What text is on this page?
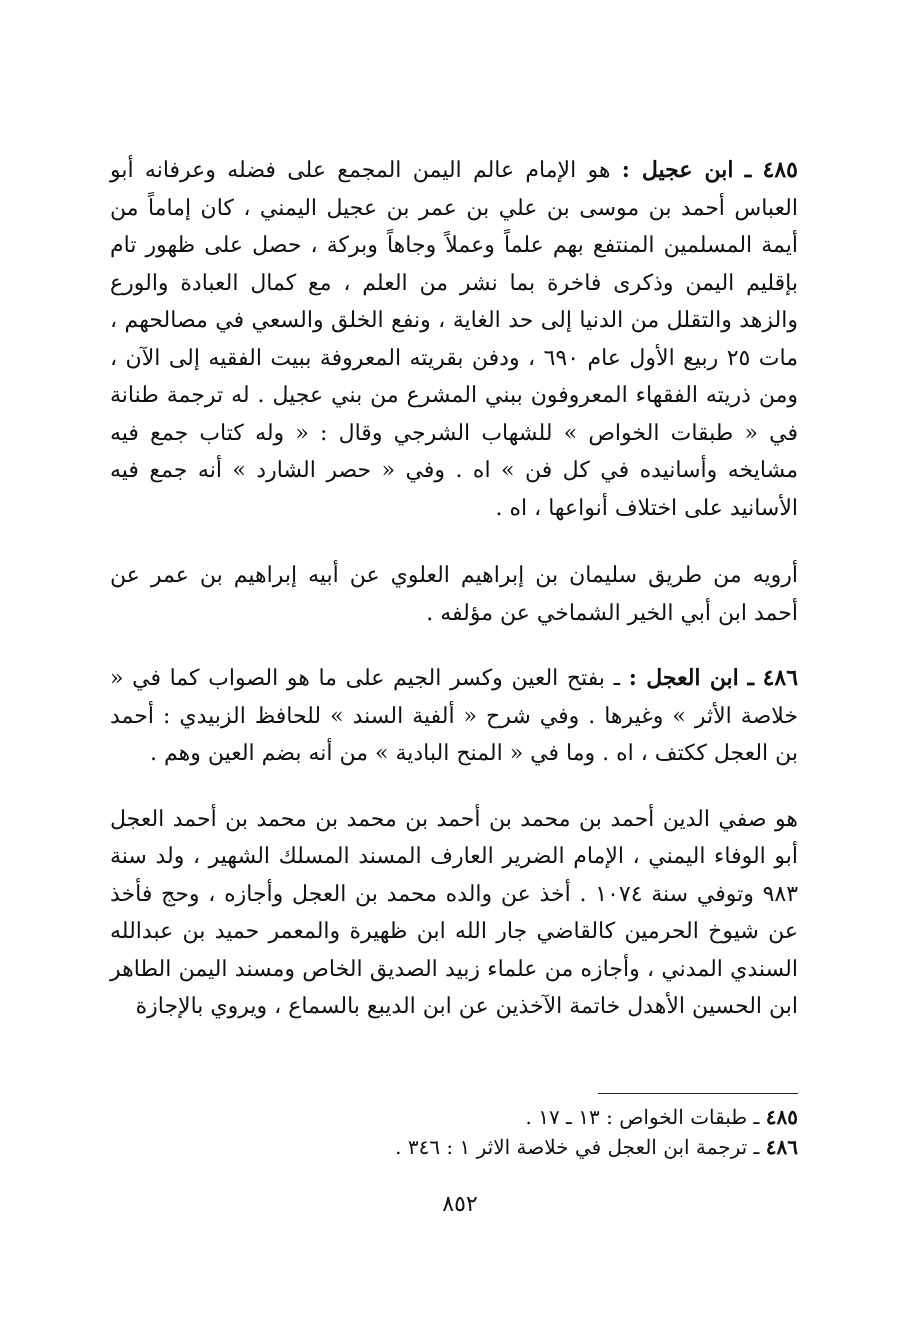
٤٨٥ ـ ابن عجيل : هو الإمام عالم اليمن المجمع على فضله وعرفانه أبو العباس أحمد بن موسى بن علي بن عمر بن عجيل اليمني ، كان إماماً من أيمة المسلمين المنتفع بهم علماً وعملاً وجاهاً وبركة ، حصل على ظهور تام بإقليم اليمن وذكرى فاخرة بما نشر من العلم ، مع كمال العبادة والورع والزهد والتقلل من الدنيا إلى حد الغاية ، ونفع الخلق والسعي في مصالحهم ، مات ٢٥ ربيع الأول عام ٦٩٠ ، ودفن بقريته المعروفة ببيت الفقيه إلى الآن ، ومن ذريته الفقهاء المعروفون ببني المشرع من بني عجيل . له ترجمة طنانة في « طبقات الخواص » للشهاب الشرجي وقال : « وله كتاب جمع فيه مشايخه وأسانيده في كل فن » اه . وفي « حصر الشارد » أنه جمع فيه الأسانيد على اختلاف أنواعها ، اه .

أرويه من طريق سليمان بن إبراهيم العلوي عن أبيه إبراهيم بن عمر عن أحمد ابن أبي الخير الشماخي عن مؤلفه .

٤٨٦ ـ ابن العجل : ـ بفتح العين وكسر الجيم على ما هو الصواب كما في « خلاصة الأثر » وغيرها . وفي شرح « ألفية السند » للحافظ الزبيدي : أحمد بن العجل ككتف ، اه . وما في « المنح البادية » من أنه بضم العين وهم .

هو صفي الدين أحمد بن محمد بن أحمد بن محمد بن محمد بن أحمد العجل أبو الوفاء اليمني ، الإمام الضرير العارف المسند المسلك الشهير ، ولد سنة ٩٨٣ وتوفي سنة ١٠٧٤ . أخذ عن والده محمد بن العجل وأجازه ، وحج فأخذ عن شيوخ الحرمين كالقاضي جار الله ابن ظهيرة والمعمر حميد بن عبدالله السندي المدني ، وأجازه من علماء زبيد الصديق الخاص ومسند اليمن الطاهر ابن الحسين الأهدل خاتمة الآخذين عن ابن الديبع بالسماع ، ويروي بالإجازة

٤٨٥ ـ طبقات الخواص : ١٣ ـ ١٧ .

٤٨٦ ـ ترجمة ابن العجل في خلاصة الاثر ١ : ٣٤٦ .

٨٥٢
